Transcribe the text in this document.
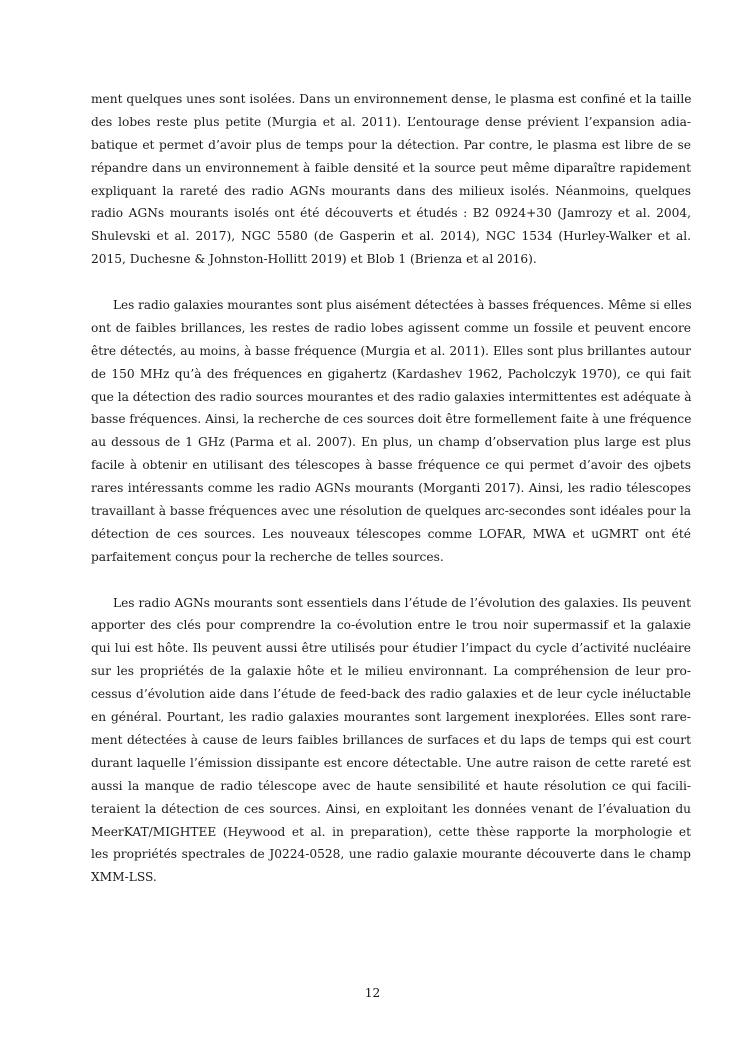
ment quelques unes sont isolées. Dans un environnement dense, le plasma est confiné et la taille
des lobes reste plus petite (Murgia et al. 2011). L’entourage dense prévient l’expansion adia-
batique et permet d’avoir plus de temps pour la détection. Par contre, le plasma est libre de se
répandre dans un environnement à faible densité et la source peut même diparaître rapidement
expliquant la rareté des radio AGNs mourants dans des milieux isolés. Néanmoins, quelques
radio AGNs mourants isolés ont été découverts et étudés : B2 0924+30 (Jamrozy et al. 2004,
Shulevski et al. 2017), NGC 5580 (de Gasperin et al. 2014), NGC 1534 (Hurley-Walker et al.
2015, Duchesne & Johnston-Hollitt 2019) et Blob 1 (Brienza et al 2016).
Les radio galaxies mourantes sont plus aisément détectées à basses fréquences. Même si elles
ont de faibles brillances, les restes de radio lobes agissent comme un fossile et peuvent encore
être détectés, au moins, à basse fréquence (Murgia et al. 2011). Elles sont plus brillantes autour
de 150 MHz qu’à des fréquences en gigahertz (Kardashev 1962, Pacholczyk 1970), ce qui fait
que la détection des radio sources mourantes et des radio galaxies intermittentes est adéquate à
basse fréquences. Ainsi, la recherche de ces sources doit être formellement faite à une fréquence
au dessous de 1 GHz (Parma et al. 2007). En plus, un champ d’observation plus large est plus
facile à obtenir en utilisant des télescopes à basse fréquence ce qui permet d’avoir des ojbets
rares intéressants comme les radio AGNs mourants (Morganti 2017). Ainsi, les radio télescopes
travaillant à basse fréquences avec une résolution de quelques arc-secondes sont idéales pour la
détection de ces sources. Les nouveaux télescopes comme LOFAR, MWA et uGMRT ont été
parfaitement conçus pour la recherche de telles sources.
Les radio AGNs mourants sont essentiels dans l’étude de l’évolution des galaxies. Ils peuvent
apporter des clés pour comprendre la co-évolution entre le trou noir supermassif et la galaxie
qui lui est hôte. Ils peuvent aussi être utilisés pour étudier l’impact du cycle d’activité nucléaire
sur les propriétés de la galaxie hôte et le milieu environnant. La compréhension de leur pro-
cessus d’évolution aide dans l’étude de feed-back des radio galaxies et de leur cycle inéluctable
en général. Pourtant, les radio galaxies mourantes sont largement inexplorées. Elles sont rare-
ment détectées à cause de leurs faibles brillances de surfaces et du laps de temps qui est court
durant laquelle l’émission dissipante est encore détectable. Une autre raison de cette rareté est
aussi la manque de radio télescope avec de haute sensibilité et haute résolution ce qui facili-
teraient la détection de ces sources. Ainsi, en exploitant les données venant de l’évaluation du
MeerKAT/MIGHTEE (Heywood et al. in preparation), cette thèse rapporte la morphologie et
les propriétés spectrales de J0224-0528, une radio galaxie mourante découverte dans le champ
XMM-LSS.
12
